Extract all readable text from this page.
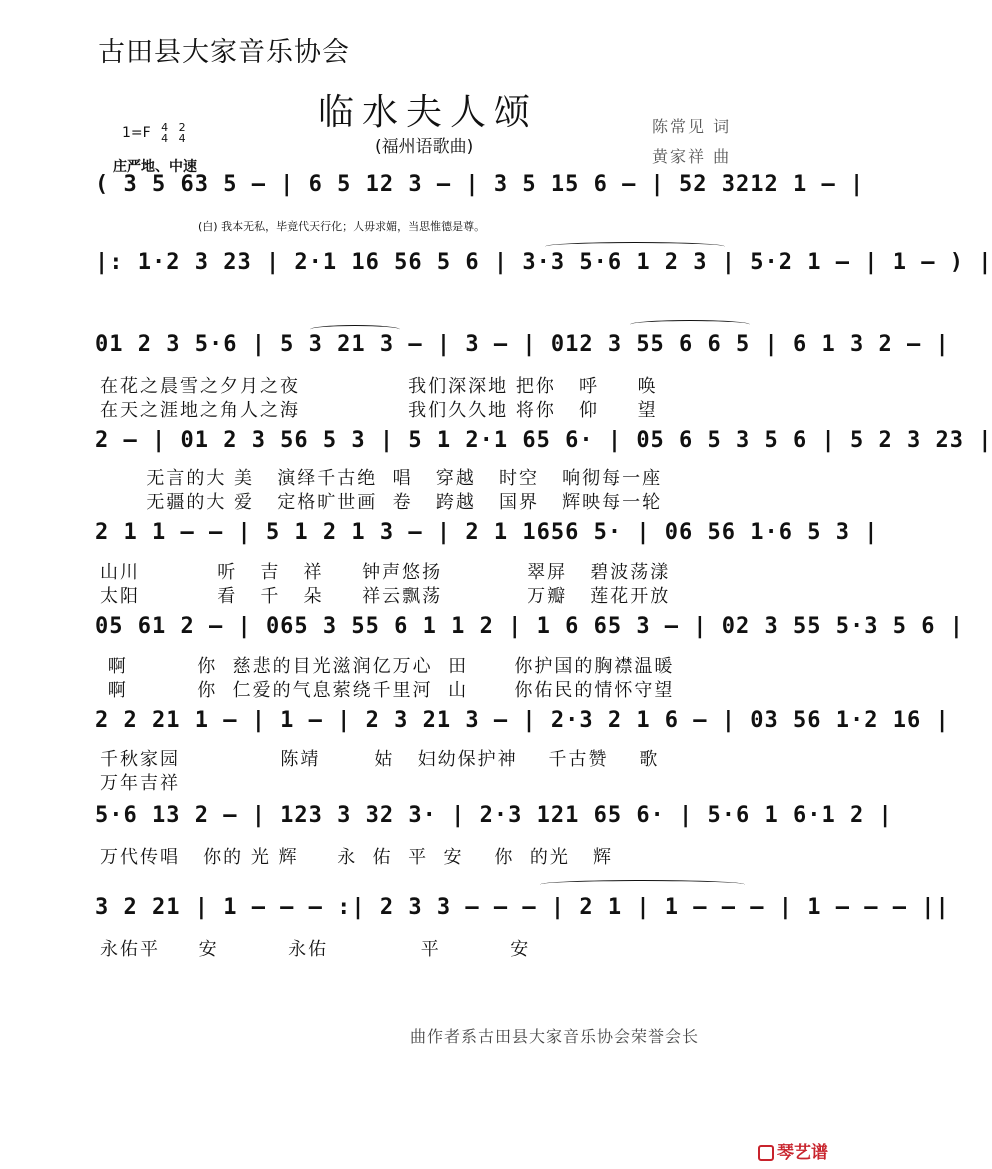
古田县大家音乐协会
临水夫人颂
(福州语歌曲)
陈常见 词
黄家祥 曲
1=F 4
4 2
4
庄严地、中速
( 3 5 63 5 – | 6 5 12 3 – | 3 5 15 6 – | 52 3212 1 – |
(白) 我本无私，毕竟代天行化；人毋求媚，当思惟德是尊。
|: 1·2 3 23 | 2·1 16 56 5 6 | 3·3 5·6 1 2 3 | 5·2 1 – | 1 – ) |
01 2 3 5·6 | 5 3 21 3 – | 3 – | 012 3 55 6 6 5 | 6 1 3 2 – |
在花之晨雪之夕月之夜              我们深深地 把你   呼     唤
在天之涯地之角人之海              我们久久地 将你   仰     望
2 – | 01 2 3 56 5 3 | 5 1 2·1 65 6· | 05 6 5 3 5 6 | 5 2 3 23 |
无言的大 美   演绎千古绝  唱   穿越   时空   响彻每一座
无疆的大 爱   定格旷世画  卷   跨越   国界   辉映每一轮
2 1 1 – – | 5 1 2 1 3 – | 2 1 1656 5· | 06 56 1·6 5 3 |
山川          听   吉   祥     钟声悠扬           翠屏   碧波荡漾
太阳          看   千   朵     祥云飘荡           万瓣   莲花开放
05 61 2 – | 065 3 55 6 1 1 2 | 1 6 65 3 – | 02 3 55 5·3 5 6 |
啊         你  慈悲的目光滋润亿万心  田      你护国的胸襟温暖
啊         你  仁爱的气息萦绕千里河  山      你佑民的情怀守望
2 2 21 1 – | 1 – | 2 3 21 3 – | 2·3 2 1 6 – | 03 56 1·2 16 |
千秋家园             陈靖       姑   妇幼保护神    千古赞    歌
万年吉祥
5·6 13 2 – | 123 3 32 3· | 2·3 121 65 6· | 5·6 1 6·1 2 |
万代传唱   你的 光 辉     永  佑  平  安    你  的光   辉
3 2 21 | 1 – – – :| 2 3 3 – – – | 2 1 | 1 – – – | 1 – – – ||
永佑平     安         永佑            平         安
曲作者系古田县大家音乐协会荣誉会长
琴艺谱
